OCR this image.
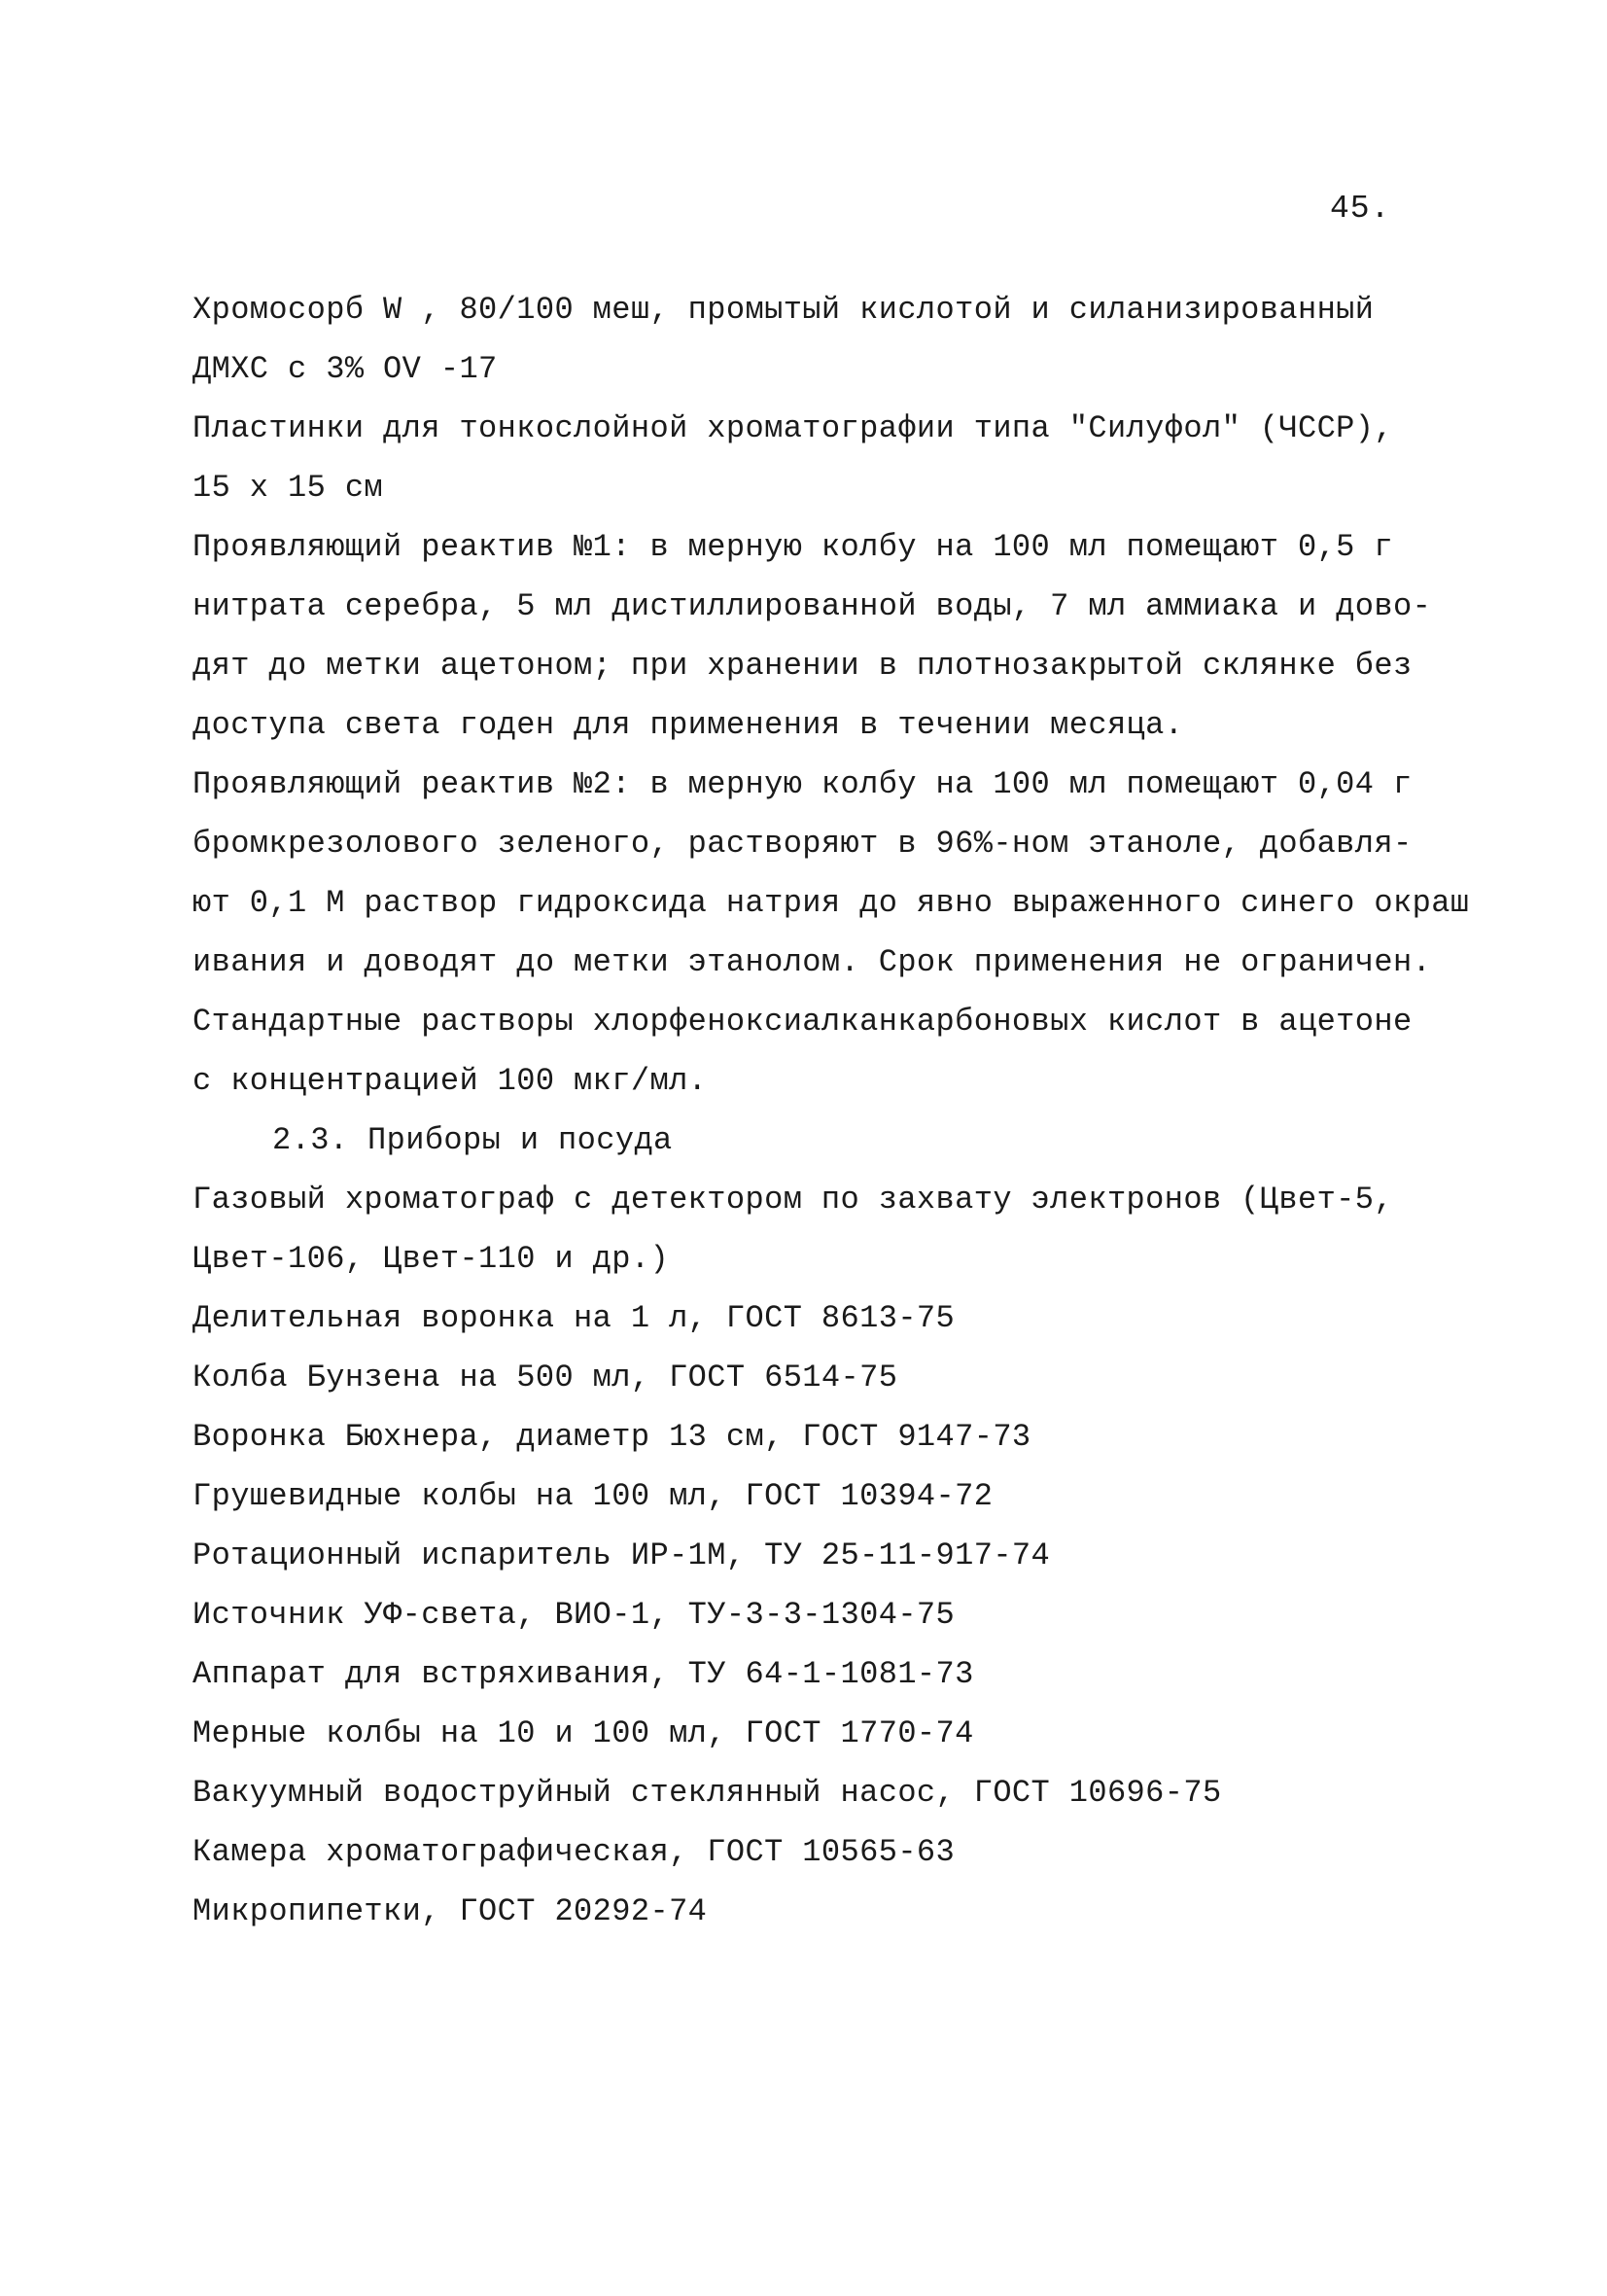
45.
Хромосорб W , 80/100 меш, промытый кислотой и силанизированный
ДМХС с 3% OV -17
Пластинки для тонкослойной хроматографии типа "Силуфол" (ЧССР),
15 х 15 см
Проявляющий реактив №1: в мерную колбу на 100 мл помещают 0,5 г
нитрата серебра, 5 мл дистиллированной воды, 7 мл аммиака и дово-
дят до метки ацетоном; при хранении в плотнозакрытой склянке без
доступа света годен для применения в течении месяца.
Проявляющий реактив №2: в мерную колбу на 100 мл помещают 0,04 г
бромкрезолового зеленого, растворяют в 96%-ном этаноле, добавля-
ют 0,1 М раствор гидроксида натрия до явно выраженного синего окраш
ивания и доводят до метки этанолом. Срок применения не ограничен.
Стандартные растворы хлорфеноксиалканкарбоновых кислот в ацетоне
с концентрацией 100 мкг/мл.
2.3. Приборы и посуда
Газовый хроматограф с детектором по захвату электронов (Цвет-5,
Цвет-106, Цвет-110 и др.)
Делительная воронка на 1 л, ГОСТ 8613-75
Колба Бунзена на 500 мл, ГОСТ 6514-75
Воронка Бюхнера, диаметр 13 см, ГОСТ 9147-73
Грушевидные колбы на 100 мл, ГОСТ 10394-72
Ротационный испаритель ИР-1М, ТУ 25-11-917-74
Источник УФ-света, ВИО-1, ТУ-3-3-1304-75
Аппарат для встряхивания, ТУ 64-1-1081-73
Мерные колбы на 10 и 100 мл, ГОСТ 1770-74
Вакуумный водоструйный стеклянный насос, ГОСТ 10696-75
Камера хроматографическая, ГОСТ 10565-63
Микропипетки, ГОСТ 20292-74
